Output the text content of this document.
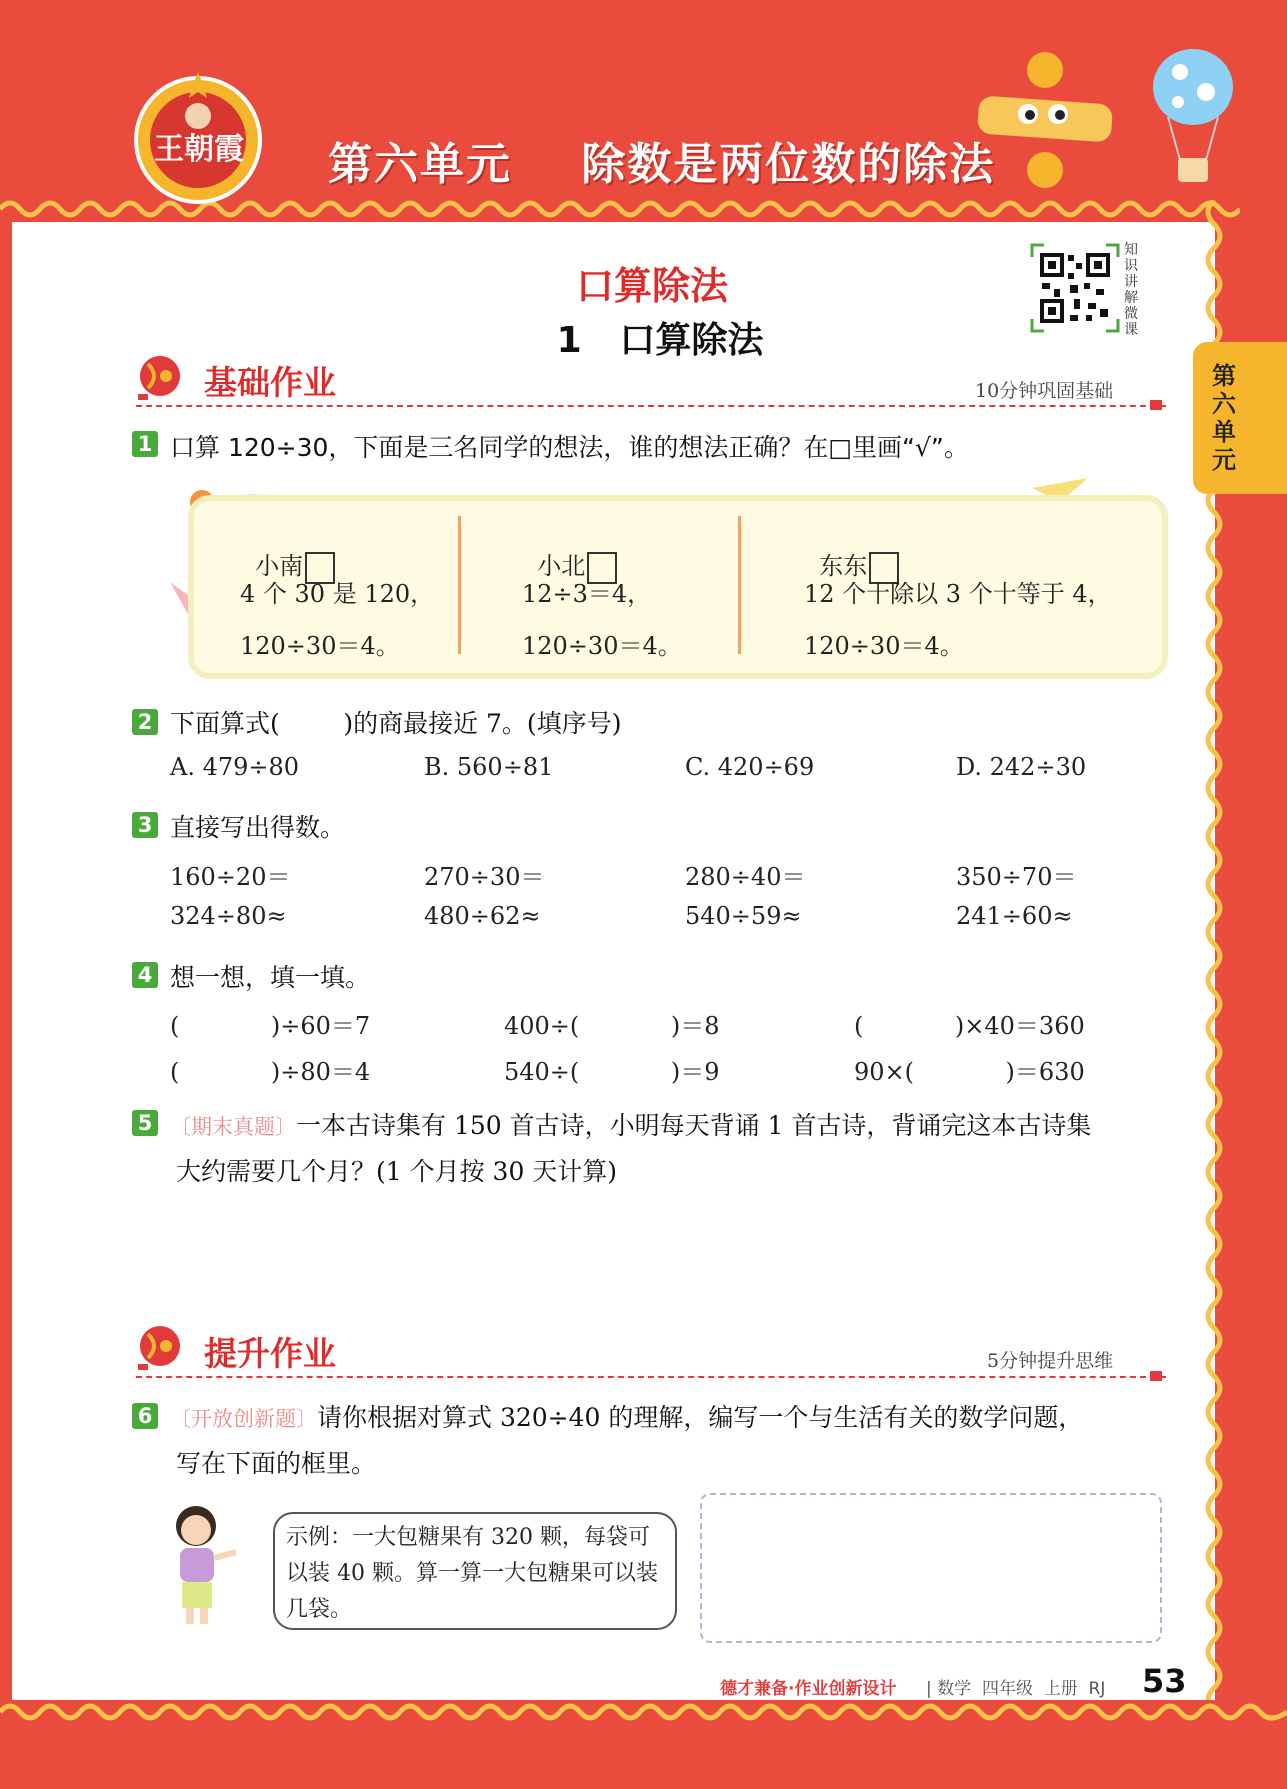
王朝霞 第六单元    除数是两位数的除法
第六单元
口算除法
1   口算除法
知识讲解微课
基础作业	10分钟巩固基础
1 口算 120÷30，下面是三名同学的想法，谁的想法正确？在□里画“√”。

小南

4 个 30 是 120，
120÷30＝4。

小北

12÷3＝4，
120÷30＝4。

东东

12 个十除以 3 个十等于 4，
120÷30＝4。
2 下面算式(        )的商最接近 7。(填序号)
A. 479÷80	B. 560÷81	C. 420÷69	D. 242÷30
3 直接写出得数。
160÷20＝	270÷30＝	280÷40＝	350÷70＝
324÷80≈	480÷62≈	540÷59≈	241÷60≈
4 想一想，填一填。
(            )÷60＝7	400÷(            )＝8	(            )×40＝360
(            )÷80＝4	540÷(            )＝9	90×(            )＝630
5 〔期末真题〕一本古诗集有 150 首古诗，小明每天背诵 1 首古诗，背诵完这本古诗集
大约需要几个月？(1 个月按 30 天计算)
提升作业	5分钟提升思维
6 〔开放创新题〕请你根据对算式 320÷40 的理解，编写一个与生活有关的数学问题，
写在下面的框里。
示例：一大包糖果有 320 颗，每袋可以装 40 颗。算一算一大包糖果可以装几袋。
德才兼备·作业创新设计 | 数学  四年级  上册  RJ 53
